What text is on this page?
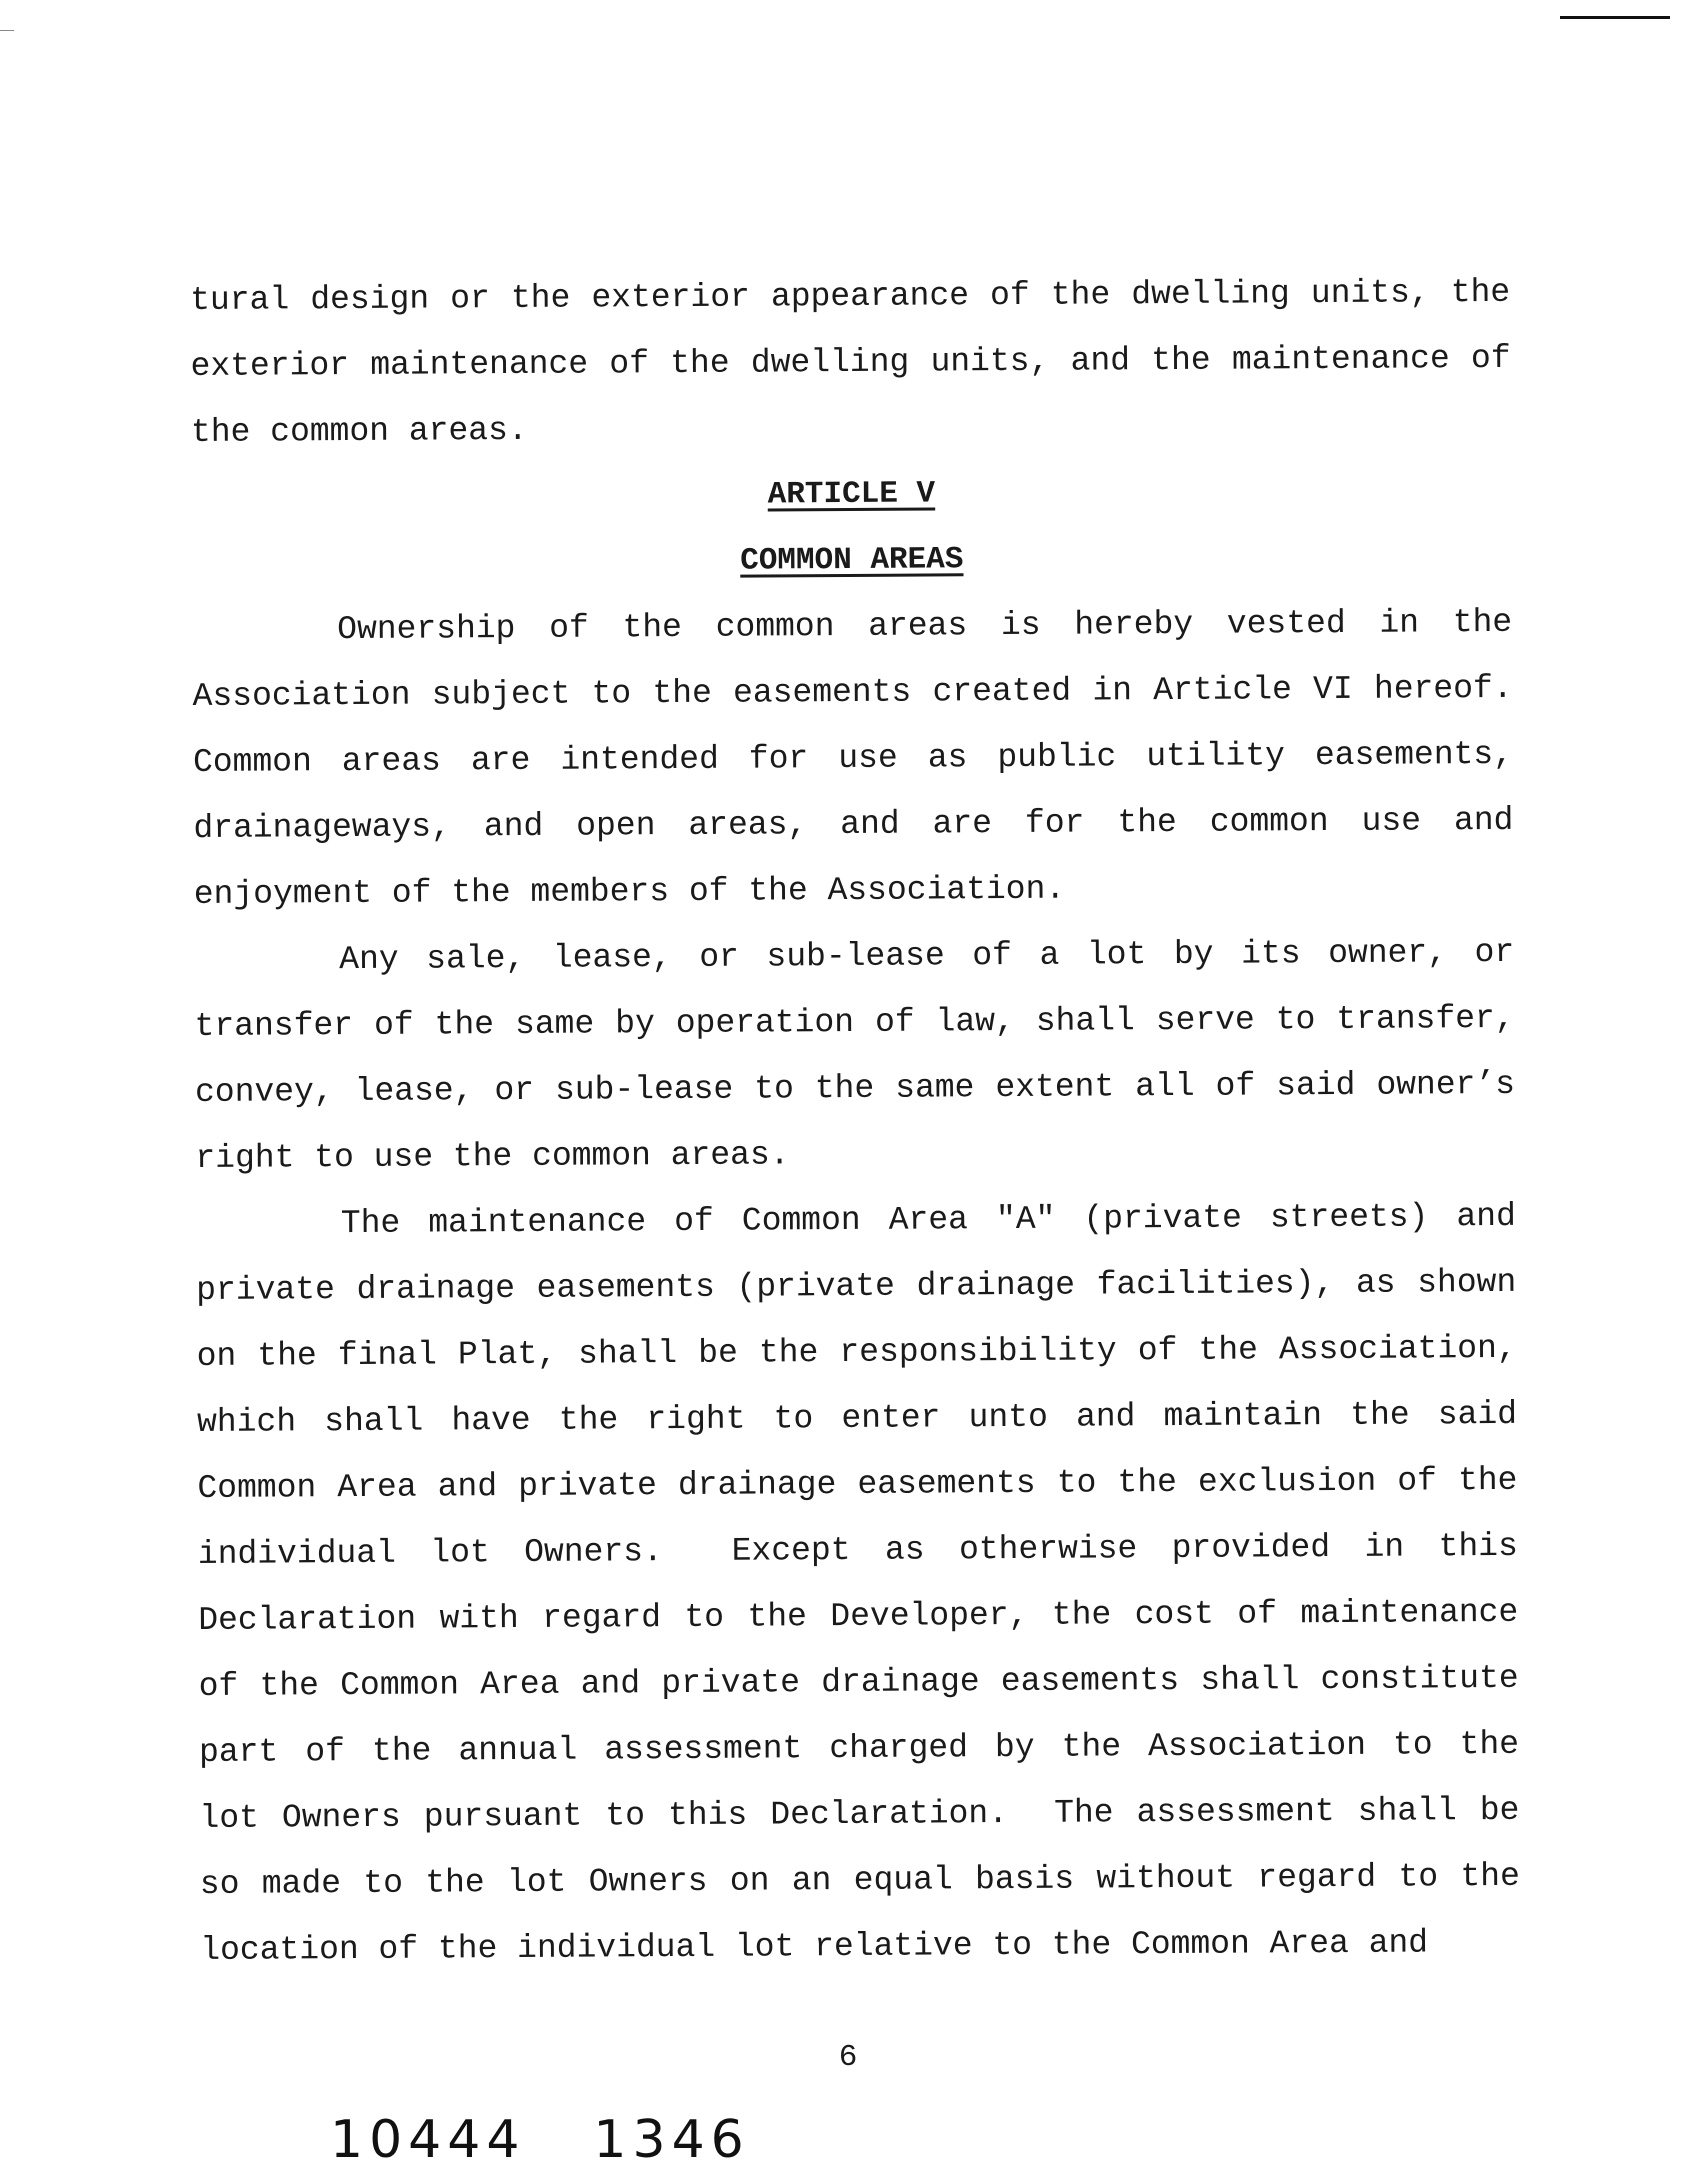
tural design or the exterior appearance of the dwelling units, the exterior maintenance of the dwelling units, and the maintenance of the common areas.

ARTICLE V

COMMON AREAS

Ownership of the common areas is hereby vested in the Association subject to the easements created in Article VI hereof. Common areas are intended for use as public utility easements, drainageways, and open areas, and are for the common use and enjoyment of the members of the Association.

Any sale, lease, or sub-lease of a lot by its owner, or transfer of the same by operation of law, shall serve to transfer, convey, lease, or sub-lease to the same extent all of said owner’s right to use the common areas.

The maintenance of Common Area "A" (private streets) and private drainage easements (private drainage facilities), as shown on the final Plat, shall be the responsibility of the Association, which shall have the right to enter unto and maintain the said Common Area and private drainage easements to the exclusion of the individual lot Owners.  Except as otherwise provided in this Declaration with regard to the Developer, the cost of maintenance of the Common Area and private drainage easements shall constitute part of the annual assessment charged by the Association to the lot Owners pursuant to this Declaration.  The assessment shall be so made to the lot Owners on an equal basis without regard to the location of the individual lot relative to the Common Area and

6
10444 1346
